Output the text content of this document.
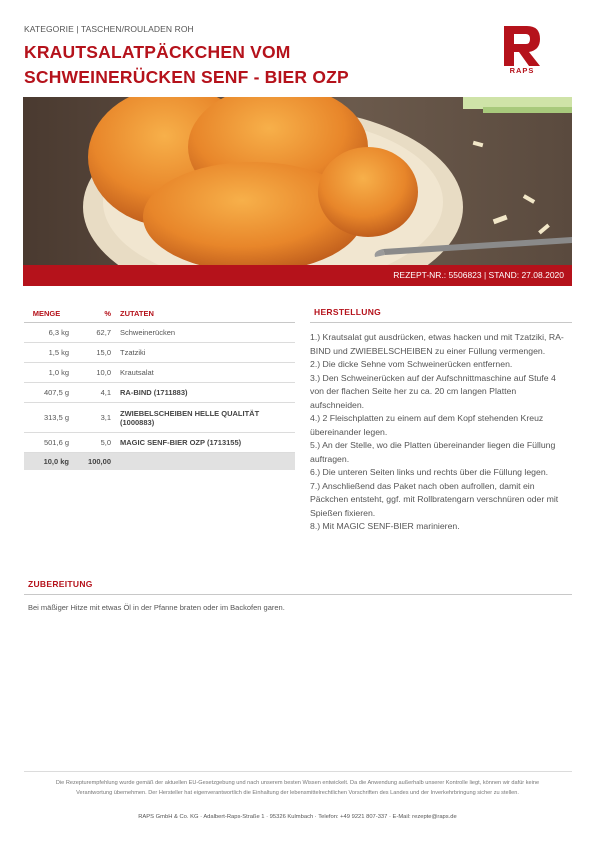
KATEGORIE | TASCHEN/ROULADEN ROH
KRAUTSALATPÄCKCHEN VOM
SCHWEINERÜCKEN SENF - BIER OZP	RAPS
REZEPT-NR.: 5506823 | STAND: 27.08.2020
MENGE	%	ZUTATEN
6,3 kg	62,7	Schweinerücken
1,5 kg	15,0	Tzatziki
1,0 kg	10,0	Krautsalat
407,5 g	4,1	RA-BIND (1711883)
313,5 g	3,1	ZWIEBELSCHEIBEN HELLE QUALITÄT (1000883)
501,6 g	5,0	MAGIC SENF-BIER OZP (1713155)
10,0 kg	100,00	
HERSTELLUNG
1.) Krautsalat gut ausdrücken, etwas hacken und mit Tzatziki, RA-BIND und ZWIEBELSCHEIBEN zu einer Füllung vermengen.
2.) Die dicke Sehne vom Schweinerücken entfernen.
3.) Den Schweinerücken auf der Aufschnittmaschine auf Stufe 4 von der flachen Seite her zu ca. 20 cm langen Platten aufschneiden.
4.) 2 Fleischplatten zu einem auf dem Kopf stehenden Kreuz übereinander legen.
5.) An der Stelle, wo die Platten übereinander liegen die Füllung auftragen.
6.) Die unteren Seiten links und rechts über die Füllung legen.
7.) Anschließend das Paket nach oben aufrollen, damit ein Päckchen entsteht, ggf. mit Rollbratengarn verschnüren oder mit Spießen fixieren.
8.) Mit MAGIC SENF-BIER marinieren.
ZUBEREITUNG
Bei mäßiger Hitze mit etwas Öl in der Pfanne braten oder im Backofen garen.
Die Rezepturempfehlung wurde gemäß der aktuellen EU-Gesetzgebung und nach unserem besten Wissen entwickelt. Da die Anwendung außerhalb unserer Kontrolle liegt, können wir dafür keine Verantwortung übernehmen. Der Hersteller hat eigenverantwortlich die Einhaltung der lebensmittelrechtlichen Vorschriften des Landes und der Inverkehrbringung sicher zu stellen.
RAPS GmbH & Co. KG · Adalbert-Raps-Straße 1 · 95326 Kulmbach · Telefon: +49 9221 807-337 · E-Mail: rezepte@raps.de
